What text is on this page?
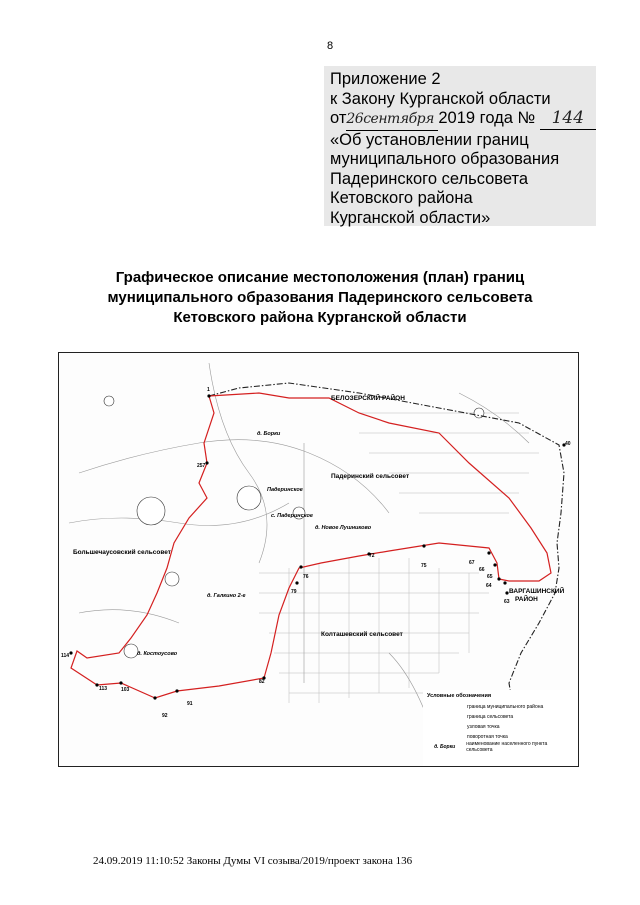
8
Приложение 2
к Закону Курганской области
от26сентября 2019 года № 144
«Об установлении границ
муниципального образования
Падеринского сельсовета
Кетовского района
Курганской области»
Графическое описание местоположения (план) границ
муниципального образования Падеринского сельсовета
Кетовского района Курганской области
БЕЛОЗЕРСКИЙ РАЙОН
Падеринский сельсовет
Большечаусовский сельсовет
Колташевский сельсовет
ВАРГАШИНСКИЙ
РАЙОН
д. Борки
Падеринское
с. Падеринское
д. Новое Лушниково
д. Галкино 2-е
д. Костоусово
1
257
40
72
75
76
79
67
66
65
64
63
82
91
92
103
113
114
Условные обозначения
граница муниципального района
граница сельсовета
узловая точка
поворотная точка
д. Борки	наименование населенного пункта сельсовета
24.09.2019 11:10:52 Законы Думы VI созыва/2019/проект закона 136
